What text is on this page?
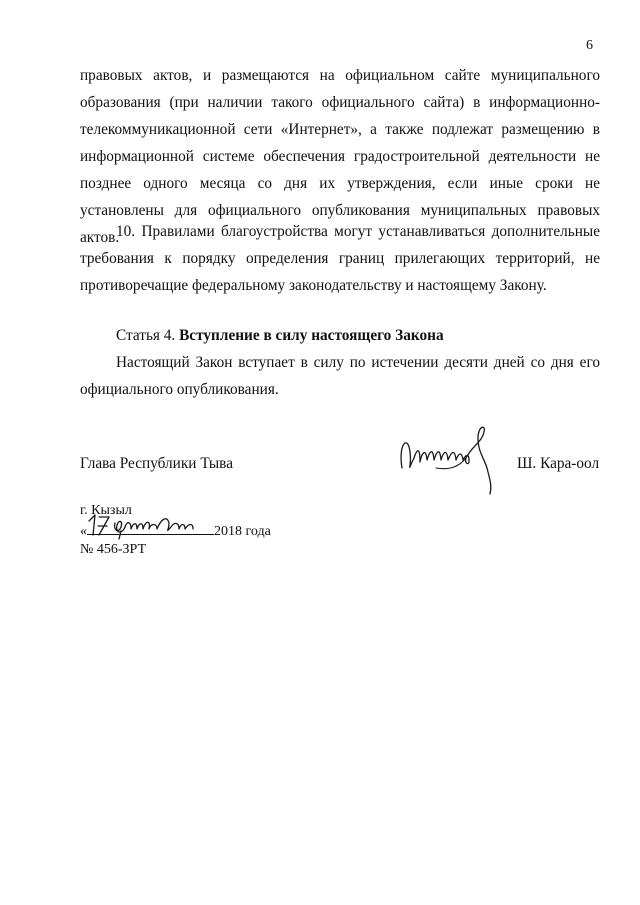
6

правовых актов, и размещаются на официальном сайте муниципального образования (при наличии такого официального сайта) в информационно-телекоммуникационной сети «Интернет», а также подлежат размещению в информационной системе обеспечения градостроительной деятельности не позднее одного месяца со дня их утверждения, если иные сроки не установлены для официального опубликования муниципальных правовых актов.

10. Правилами благоустройства могут устанавливаться дополнительные требования к порядку определения границ прилегающих территорий, не противоречащие федеральному законодательству и настоящему Закону.

Статья 4. Вступление в силу настоящего Закона

Настоящий Закон вступает в силу по истечении десяти дней со дня его официального опубликования.

Глава Республики Тыва	Ш. Кара-оол
г. Кызыл
«	2018 года
№ 456-ЗРТ
